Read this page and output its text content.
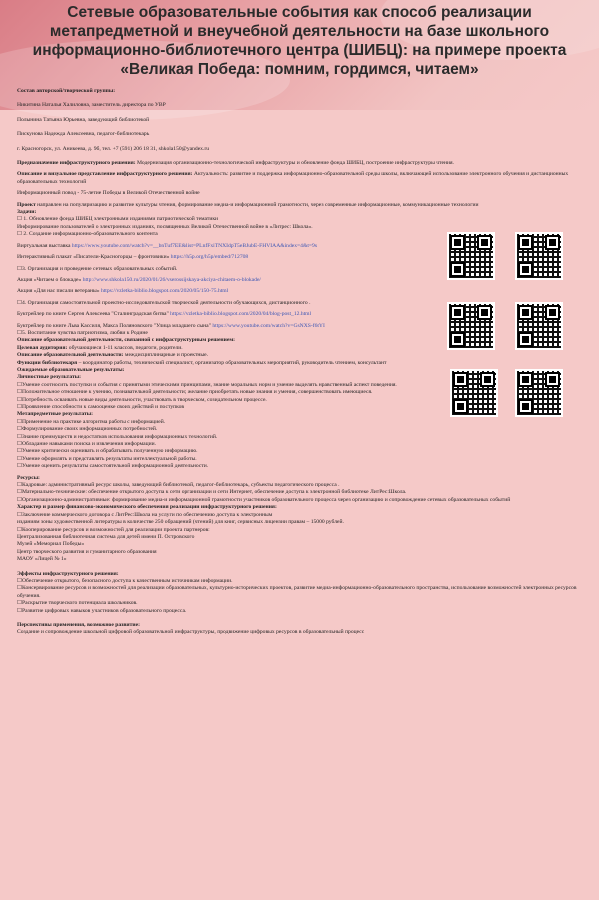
Сетевые образовательные события как способ реализации
метапредметной и внеучебной деятельности на базе школьного
информационно-библиотечного центра (ШИБЦ): на примере проекта
«Великая Победа: помним, гордимся, читаем»

Состав авторской/творческой группы:

Никитина Наталья Халиловна, заместитель директора по УВР

Полынина Татьяна Юрьевна, заведующий библиотекой

Пискунова Надежда Алексеевна, педагог-библиотекарь

г. Красногорск, ул. Аникеева, д. 9б, тел. +7 (591) 206 18 31, shkola150@yandex.ru

Предназначение инфраструктурного решения: Модернизация организационно-технологической инфраструктуры и обновление фонда ШИБЦ, построение инфраструктуры чтения.

Описание и визуальное представление инфраструктурного решения: Актуальность: развитие и поддержка информационно-образовательной среды школы, включающей использование электронного обучения и дистанционных образовательных технологий

Информационный повод - 75-летие Победы в Великой Отечественной войне

Проект направлен на популяризацию и развитие культуры чтения, формирование медиа-и информационной грамотности, через современные информационные, коммуникационные технологии

Задачи:

☐ 1. Обновление фонда ШИБЦ электронными изданиями патриотической тематики

Информирование пользователей о электронных изданиях, посвященных Великой Отечественной войне в «Литрес: Школа».

☐ 2. Создание информационно-образовательного контента

Виртуальная выставка https://www.youtube.com/watch?v=__bnTuf7EE&list=PLnfFxiTNXIdpT5eBJubE-FHVIAA&index=4&t=9s

Интерактивный плакат «Писатели-Красногорцы – фронтовики» https://h5p.org/h5p/embed/712708

☐3. Организация и проведение сетевых образовательных событий.

Акция «Читаем о блокаде» http://www.shkola150.ru/2020/01/26/vserossijskaya-akciya-chitaem-o-blokade/

Акция «Для нас писали ветераны» https://vzletka-biblio.blogspot.com/2020/05/150-75.html

☐4. Организация самостоятельной проектно-исследовательской творческой деятельности обучающихся, дистанционного .

Буктрейлер по книге Сергея Алексеева "Сталинградская битва" https://vzletka-biblio.blogspot.com/2020/04/blog-post_12.html

Буктрейлер по книге Льва Кассиля, Макса Поляновского "Улица младшего сына" https://www.youtube.com/watch?v=GsNXS-f6tYI

☐5. Воспитание чувства патриотизма, любви к Родине

Описание образовательной деятельности, связанной с инфраструктурным решением:

Целевая аудитория: обучающиеся 1-11 классов, педагоги, родители.

Описание образовательной деятельности: междисциплинарные и проектные.

Функции библиотекаря – координатор работы, технический специалист, организатор образовательных мероприятий, руководитель чтением, консультант

Ожидаемые образовательные результаты:

Личностные результаты:

☐Умение соотносить поступки и события с принятыми этическими принципами, знание моральных норм и умение выделять нравственный аспект поведения.

☐Положительное отношение к учению, познавательной деятельности; желание приобретать новые знания и умения, совершенствовать имеющиеся.

☐Потребность осваивать новые виды деятельности, участвовать в творческом, созидательном процессе.

☐Проявление способности к самооценке своих действий и поступков

Метапредметные результаты:

☐Применение на практике алгоритма работы с информацией.

☐Формулирование своих информационных потребностей.

☐Знание преимуществ и недостатков использования информационных технологий.

☐Обладание навыками поиска и извлечения информации.

☐Умение критически оценивать и обрабатывать полученную информацию.

☐Умение оформлять и представлять результаты интеллектуальной работы.

☐Умение оценить результаты самостоятельной информационной деятельности.

Ресурсы:

☐Кадровые: административный ресурс школы, заведующий библиотекой, педагог-библиотекарь, субъекты педагогического процесса .

☐Материально-технические: обеспечение открытого доступа к сети организации и сети Интернет, обеспечение доступа к электронной библиотеке ЛитРес:Школа.

☐Организационно-административные: формирование медиа-и информационной грамотности участников образовательного процесса через организацию и сопровождение сетевых образовательных событий

Характер и размер финансово-экономического обеспечения реализации инфраструктурного решения:

☐Заключение коммерческого договора с ЛитРес:Школа на услуги по обеспечению доступа к электронным

изданиям зоны художественной литературы в количестве 250 обращений (чтений) для книг, сервисных лицензии правам – 15000 рублей.

☐Кооперирование ресурсов и возможностей для реализации проекта партнеров:

Централизованная библиотечная система для детей имени П. Островского

Музей «Мемориал Победы»

Центр творческого развития и гуманитарного образования

МАОУ «Лицей № 1»

Эффекты инфраструктурного решения:

☐Обеспечение открытого, безопасного доступа к качественным источникам информации.

☐Консервирование ресурсов и возможностей для реализации образовательных, культурно-исторических проектов, развитие медиа-информационно-образовательного пространства, использование возможностей электронных ресурсов обучения.

☐Раскрытие творческого потенциала школьников.

☐Развитие цифровых навыков участников образовательного процесса.

Перспективы применения, возможное развитие:

Создание и сопровождение школьной цифровой образовательной инфраструктуры, продвижение цифровых ресурсов в образовательный процесс
